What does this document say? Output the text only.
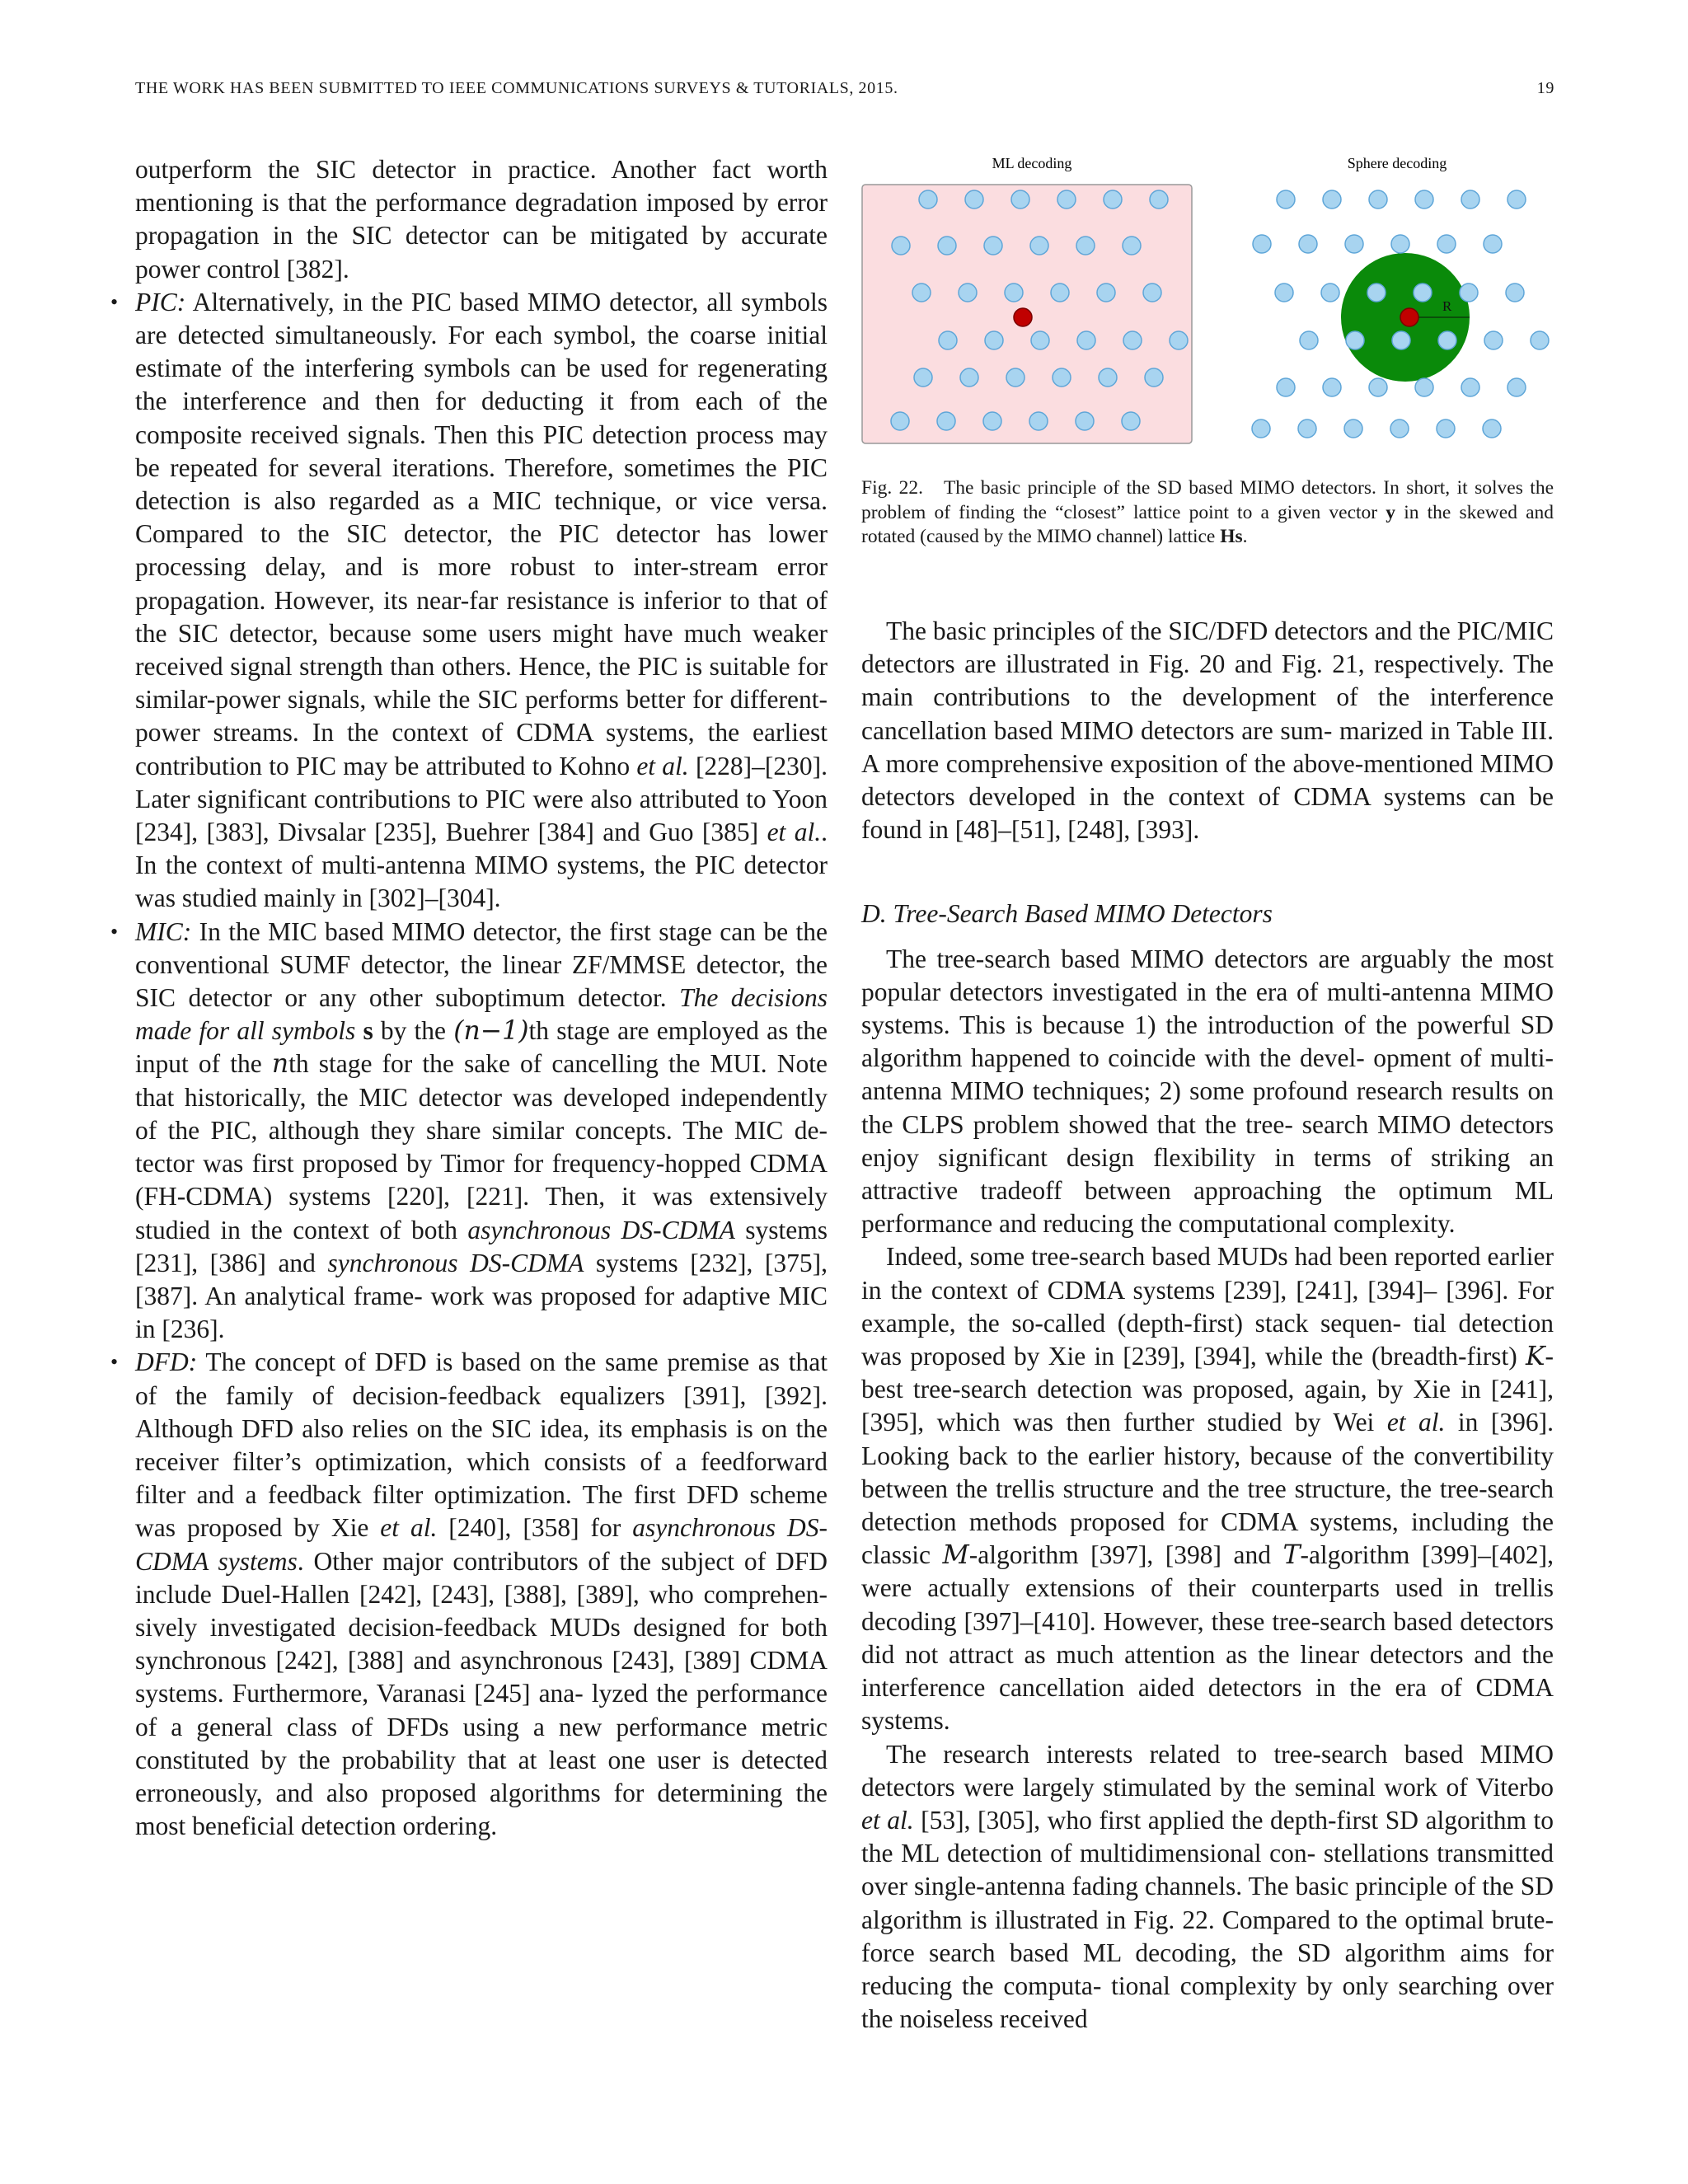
THE WORK HAS BEEN SUBMITTED TO IEEE COMMUNICATIONS SURVEYS & TUTORIALS, 2015.	19

outperform the SIC detector in practice. Another fact worth mentioning is that the performance degradation imposed by error propagation in the SIC detector can be mitigated by accurate power control [382].

• PIC: Alternatively, in the PIC based MIMO detector, all symbols are detected simultaneously. For each symbol, the coarse initial estimate of the interfering symbols can be used for regenerating the interference and then for deducting it from each of the composite received signals. Then this PIC detection process may be repeated for several iterations. Therefore, sometimes the PIC detection is also regarded as a MIC technique, or vice versa. Compared to the SIC detector, the PIC detector has lower processing delay, and is more robust to inter-stream error propagation. However, its near-far resistance is inferior to that of the SIC detector, because some users might have much weaker received signal strength than others. Hence, the PIC is suitable for similar-power signals, while the SIC performs better for different-power streams. In the context of CDMA systems, the earliest contribution to PIC may be attributed to Kohno et al. [228]–[230]. Later significant contributions to PIC were also attributed to Yoon [234], [383], Divsalar [235], Buehrer [384] and Guo [385] et al.. In the context of multi-antenna MIMO systems, the PIC detector was studied mainly in [302]–[304].
• MIC: In the MIC based MIMO detector, the first stage can be the conventional SUMF detector, the linear ZF/MMSE detector, the SIC detector or any other suboptimum detector. The decisions made for all symbols s by the (n−1)th stage are employed as the input of the nth stage for the sake of cancelling the MUI. Note that historically, the MIC detector was developed independently of the PIC, although they share similar concepts. The MIC de- tector was first proposed by Timor for frequency-hopped CDMA (FH-CDMA) systems [220], [221]. Then, it was extensively studied in the context of both asynchronous DS-CDMA systems [231], [386] and synchronous DS-CDMA systems [232], [375], [387]. An analytical frame- work was proposed for adaptive MIC in [236].
• DFD: The concept of DFD is based on the same premise as that of the family of decision-feedback equalizers [391], [392]. Although DFD also relies on the SIC idea, its emphasis is on the receiver filter’s optimization, which consists of a feedforward filter and a feedback filter optimization. The first DFD scheme was proposed by Xie et al. [240], [358] for asynchronous DS-CDMA systems. Other major contributors of the subject of DFD include Duel-Hallen [242], [243], [388], [389], who comprehen- sively investigated decision-feedback MUDs designed for both synchronous [242], [388] and asynchronous [243], [389] CDMA systems. Furthermore, Varanasi [245] ana- lyzed the performance of a general class of DFDs using a new performance metric constituted by the probability that at least one user is detected erroneously, and also proposed algorithms for determining the most beneficial detection ordering.
ML decoding	Sphere decoding
R
Fig. 22. The basic principle of the SD based MIMO detectors. In short, it solves the problem of finding the “closest” lattice point to a given vector y in the skewed and rotated (caused by the MIMO channel) lattice Hs.

The basic principles of the SIC/DFD detectors and the PIC/MIC detectors are illustrated in Fig. 20 and Fig. 21, respectively. The main contributions to the development of the interference cancellation based MIMO detectors are sum- marized in Table III. A more comprehensive exposition of the above-mentioned MIMO detectors developed in the context of CDMA systems can be found in [48]–[51], [248], [393].

D. Tree-Search Based MIMO Detectors

The tree-search based MIMO detectors are arguably the most popular detectors investigated in the era of multi-antenna MIMO systems. This is because 1) the introduction of the powerful SD algorithm happened to coincide with the devel- opment of multi-antenna MIMO techniques; 2) some profound research results on the CLPS problem showed that the tree- search MIMO detectors enjoy significant design flexibility in terms of striking an attractive tradeoff between approaching the optimum ML performance and reducing the computational complexity.

Indeed, some tree-search based MUDs had been reported earlier in the context of CDMA systems [239], [241], [394]– [396]. For example, the so-called (depth-first) stack sequen- tial detection was proposed by Xie in [239], [394], while the (breadth-first) K-best tree-search detection was proposed, again, by Xie in [241], [395], which was then further studied by Wei et al. in [396]. Looking back to the earlier history, because of the convertibility between the trellis structure and the tree structure, the tree-search detection methods proposed for CDMA systems, including the classic M-algorithm [397], [398] and T-algorithm [399]–[402], were actually extensions of their counterparts used in trellis decoding [397]–[410]. However, these tree-search based detectors did not attract as much attention as the linear detectors and the interference cancellation aided detectors in the era of CDMA systems.

The research interests related to tree-search based MIMO detectors were largely stimulated by the seminal work of Viterbo et al. [53], [305], who first applied the depth-first SD algorithm to the ML detection of multidimensional con- stellations transmitted over single-antenna fading channels. The basic principle of the SD algorithm is illustrated in Fig. 22. Compared to the optimal brute-force search based ML decoding, the SD algorithm aims for reducing the computa- tional complexity by only searching over the noiseless received
